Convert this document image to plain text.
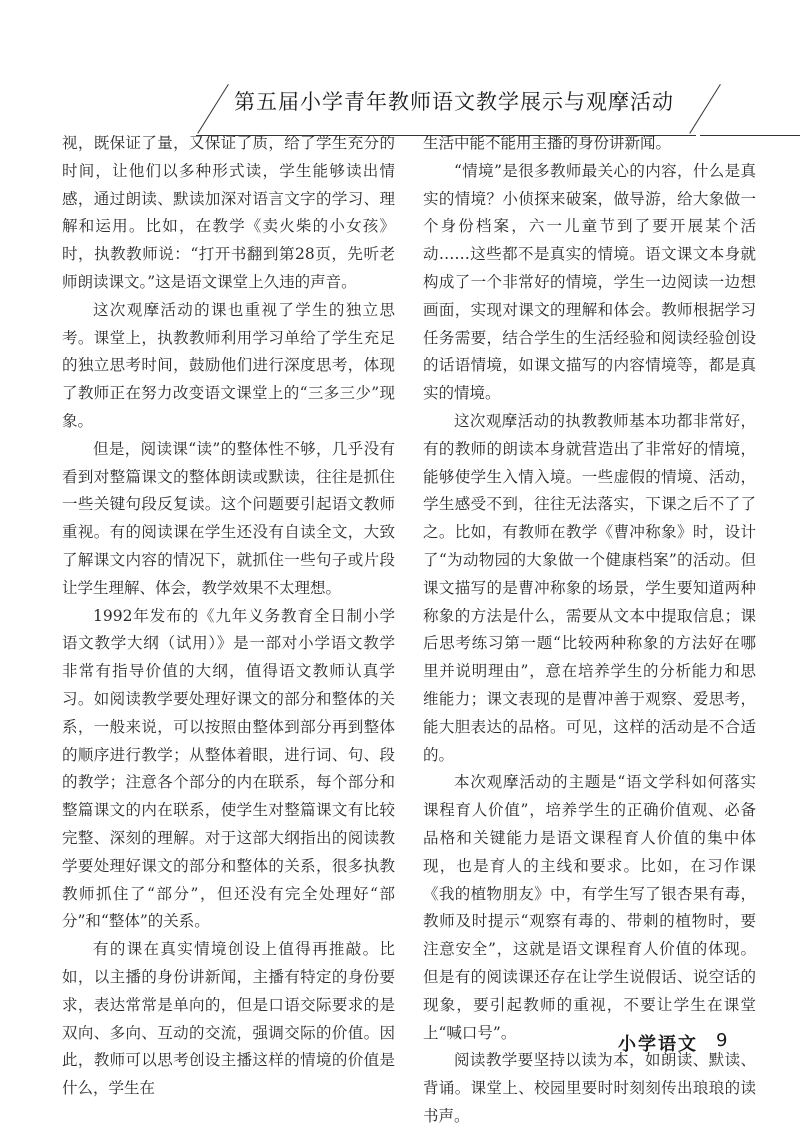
第五届小学青年教师语文教学展示与观摩活动

视，既保证了量，又保证了质，给了学生充分的时间，让他们以多种形式读，学生能够读出情感，通过朗读、默读加深对语言文字的学习、理解和运用。比如，在教学《卖火柴的小女孩》时，执教教师说：“打开书翻到第28页，先听老师朗读课文。”这是语文课堂上久违的声音。

这次观摩活动的课也重视了学生的独立思考。课堂上，执教教师利用学习单给了学生充足的独立思考时间，鼓励他们进行深度思考，体现了教师正在努力改变语文课堂上的“三多三少”现象。

但是，阅读课“读”的整体性不够，几乎没有看到对整篇课文的整体朗读或默读，往往是抓住一些关键句段反复读。这个问题要引起语文教师重视。有的阅读课在学生还没有自读全文，大致了解课文内容的情况下，就抓住一些句子或片段让学生理解、体会，教学效果不太理想。

1992年发布的《九年义务教育全日制小学语文教学大纲（试用）》是一部对小学语文教学非常有指导价值的大纲，值得语文教师认真学习。如阅读教学要处理好课文的部分和整体的关系，一般来说，可以按照由整体到部分再到整体的顺序进行教学；从整体着眼，进行词、句、段的教学；注意各个部分的内在联系，每个部分和整篇课文的内在联系，使学生对整篇课文有比较完整、深刻的理解。对于这部大纲指出的阅读教学要处理好课文的部分和整体的关系，很多执教教师抓住了“部分”，但还没有完全处理好“部分”和“整体”的关系。

有的课在真实情境创设上值得再推敲。比如，以主播的身份讲新闻，主播有特定的身份要求，表达常常是单向的，但是口语交际要求的是双向、多向、互动的交流，强调交际的价值。因此，教师可以思考创设主播这样的情境的价值是什么，学生在

生活中能不能用主播的身份讲新闻。

“情境”是很多教师最关心的内容，什么是真实的情境？小侦探来破案，做导游，给大象做一个身份档案，六一儿童节到了要开展某个活动……这些都不是真实的情境。语文课文本身就构成了一个非常好的情境，学生一边阅读一边想画面，实现对课文的理解和体会。教师根据学习任务需要，结合学生的生活经验和阅读经验创设的话语情境，如课文描写的内容情境等，都是真实的情境。

这次观摩活动的执教教师基本功都非常好，有的教师的朗读本身就营造出了非常好的情境，能够使学生入情入境。一些虚假的情境、活动，学生感受不到，往往无法落实，下课之后不了了之。比如，有教师在教学《曹冲称象》时，设计了“为动物园的大象做一个健康档案”的活动。但课文描写的是曹冲称象的场景，学生要知道两种称象的方法是什么，需要从文本中提取信息；课后思考练习第一题“比较两种称象的方法好在哪里并说明理由”，意在培养学生的分析能力和思维能力；课文表现的是曹冲善于观察、爱思考，能大胆表达的品格。可见，这样的活动是不合适的。

本次观摩活动的主题是“语文学科如何落实课程育人价值”，培养学生的正确价值观、必备品格和关键能力是语文课程育人价值的集中体现，也是育人的主线和要求。比如，在习作课《我的植物朋友》中，有学生写了银杏果有毒，教师及时提示“观察有毒的、带刺的植物时，要注意安全”，这就是语文课程育人价值的体现。但是有的阅读课还存在让学生说假话、说空话的现象，要引起教师的重视，不要让学生在课堂上“喊口号”。

阅读教学要坚持以读为本，如朗读、默读、背诵。课堂上、校园里要时时刻刻传出琅琅的读书声。

小学语文 9
